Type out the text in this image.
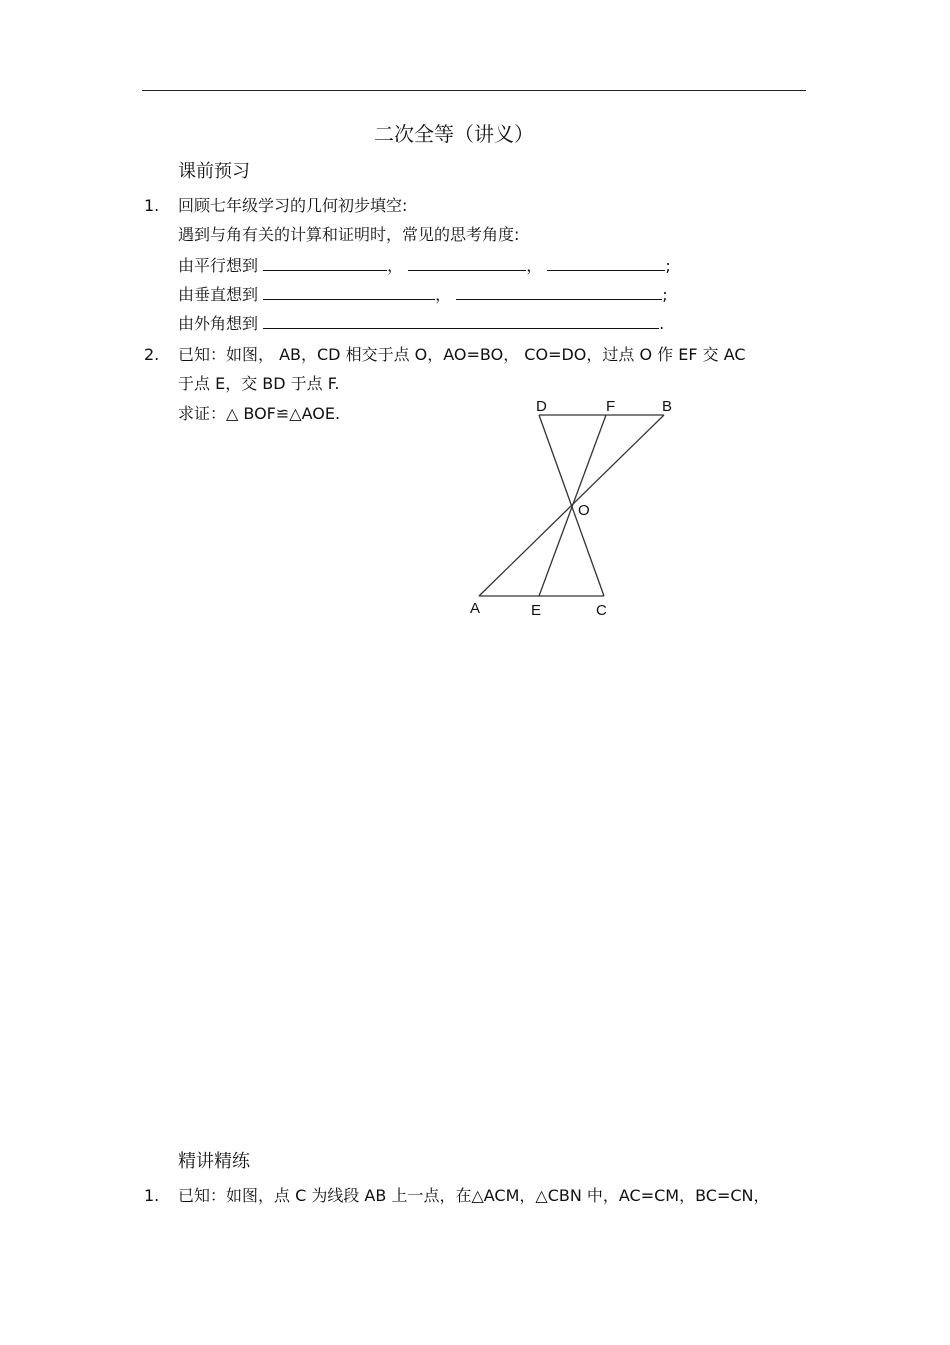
二次全等（讲义）
课前预习
1. 回顾七年级学习的几何初步填空:
遇到与角有关的计算和证明时，常见的思考角度:
由平行想到	，	，	;
由垂直想到	，	;
由外角想到	.
2. 已知：如图， AB，CD 相交于点 O，AO=BO， CO=DO，过点 O 作 EF 交 AC
于点 E，交 BD 于点 F.
求证：△ BOF≌△AOE.	D	F	B
O
A	E	C
精讲精练
1. 已知：如图，点 C 为线段 AB 上一点，在△ACM，△CBN 中，AC=CM，BC=CN，
